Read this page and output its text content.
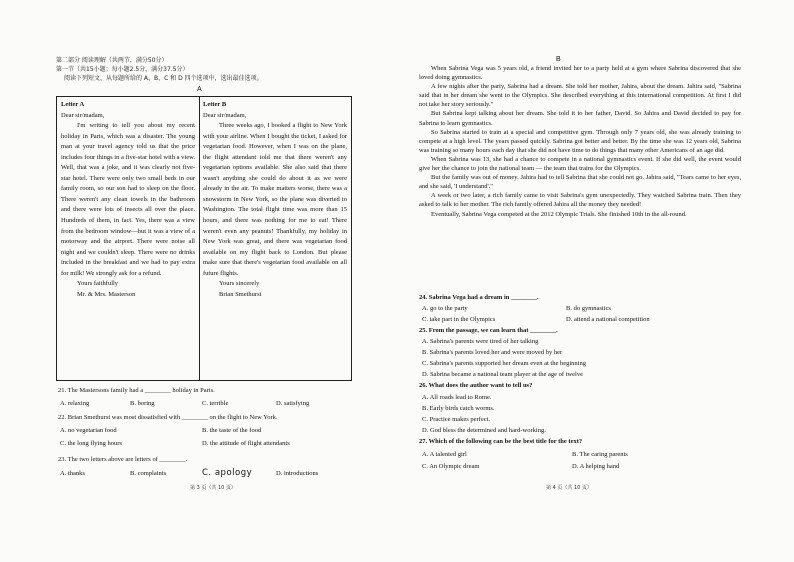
第二部分 阅读理解（共两节，满分50分）
第一节（共15小题；每小题2.5分，满分37.5分）
阅读下列短文，从每题所给的 A、B、C 和 D 四个选项中，选出最佳选项。
A
Letter A
Dear sir/madam,

I'm writing to tell you about my recent holiday in Paris, which was a disaster. The young man at your travel agency told us that the price includes four things in a five-star hotel with a view. Well, that was a joke, and it was clearly not five-star hotel. There were only two small beds in our family room, so our son had to sleep on the floor. There weren't any clean towels in the bathroom and there were lots of insects all over the place. Hundreds of them, in fact. Yes, there was a view from the bedroom window—but it was a view of a motorway and the airport. There were noise all night and we couldn't sleep. There were no drinks included in the breakfast and we had to pay extra for milk! We strongly ask for a refund.

Yours faithfully

Mr. & Mrs. Masterson

Letter B
Dear sir/madam,

Three weeks ago, I booked a flight to New York with your airline. When I bought the ticket, I asked for vegetarian food. However, when I was on the plane, the flight attendant told me that there weren't any vegetarian options available. She also said that there wasn't anything she could do about it as we were already in the air. To make matters worse, there was a snowstorm in New York, so the plane was diverted to Washington. The total flight time was more than 15 hours, and there was nothing for me to eat! There weren't even any peanuts! Thankfully, my holiday in New York was great, and there was vegetarian food available on my flight back to London. But please make sure that there's vegetarian food available on all future flights.

Yours sincerely

Brian Smethurst

21. The Mastersons family had a ________ holiday in Paris.
A. relaxing	B. boring	C. terrible	D. satisfying
22. Brian Smethurst was most dissatisfied with ________ on the flight to New York.
A. no vegetarian food	B. the taste of the food
C. the long flying hours	D. the attitude of flight attendants
23. The two letters above are letters of ________.
A. thanks	B. complaints	C. apology	D. introductions
第 3 页（共 10 页）
B

When Sabrina Vega was 5 years old, a friend invited her to a party held at a gym where Sabrina discovered that she loved doing gymnastics.

A few nights after the party, Sabrina had a dream. She told her mother, Jahira, about the dream. Jahira said, "Sabrina said that in her dream she went to the Olympics. She described everything at this international competition. At first I did not take her story seriously."

But Sabrina kept talking about her dream. She told it to her father, David. So Jahira and David decided to pay for Sabrina to learn gymnastics.

So Sabrina started to train at a special and competitive gym. Through only 7 years old, she was already training to compete at a high level. The years passed quickly. Sabrina got better and better. By the time she was 12 years old, Sabrina was training so many hours each day that she did not have time to do things that many other Americans of an age did.

When Sabrina was 13, she had a chance to compete in a national gymnastics event. If she did well, the event would give her the chance to join the national team — the team that trains for the Olympics.

But the family was out of money. Jahira had to tell Sabrina that she could not go. Jahira said, "Tears came to her eyes, and she said, 'I understand'."

A week or two later, a rich family came to visit Sabrina's gym unexpectedly. They watched Sabrina train. Then they asked to talk to her mother. The rich family offered Jahira all the money they needed!

Eventually, Sabrina Vega competed at the 2012 Olympic Trials. She finished 10th in the all-round.

24. Sabrina Vega had a dream in ________.
A. go to the party	B. do gymnastics
C. take part in the Olympics	D. attend a national competition
25. From the passage, we can learn that ________.
A. Sabrina's parents were tired of her talking
B. Sabrina's parents loved her and were moved by her
C. Sabrina's parents supported her dream even at the beginning
D. Sabrina became a national team player at the age of twelve
26. What does the author want to tell us?
A. All roads lead to Rome.
B. Early birds catch worms.
C. Practice makes perfect.
D. God bless the determined and hard-working.
27. Which of the following can be the best title for the text?
A. A talented girl	B. The caring parents
C. An Olympic dream	D. A helping hand
第 4 页（共 10 页）
